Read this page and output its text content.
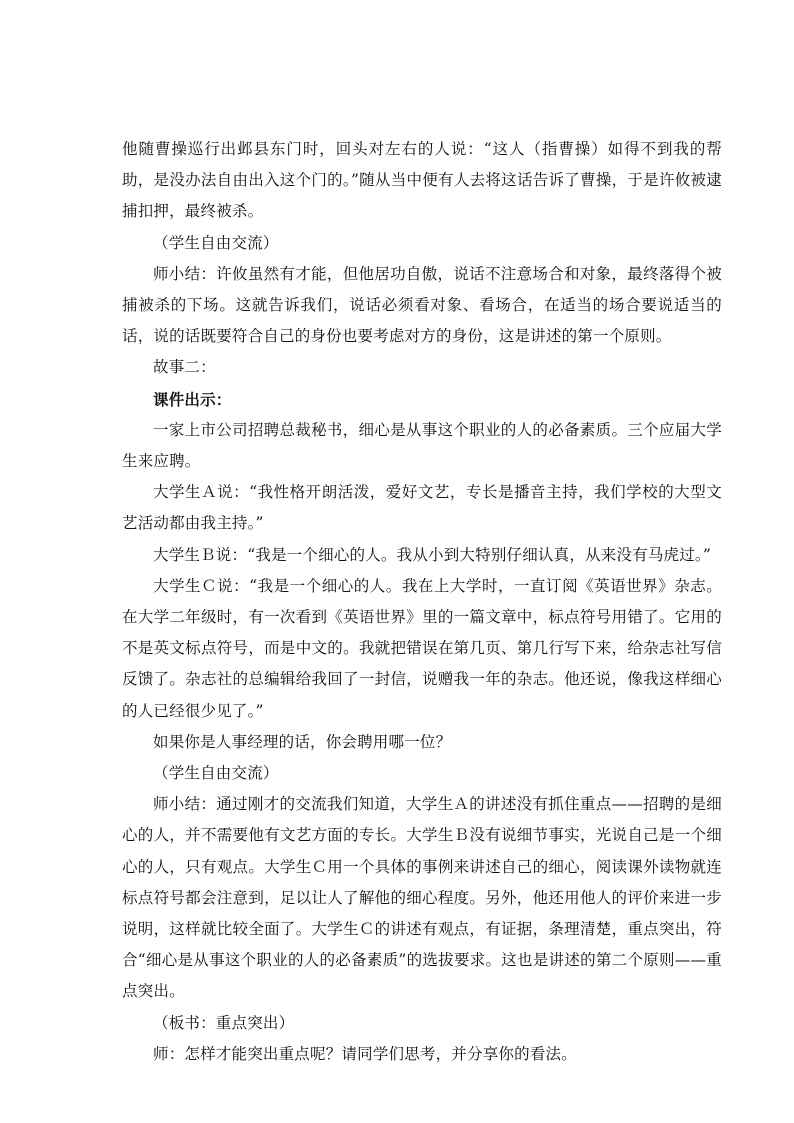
他随曹操巡行出邺县东门时，回头对左右的人说：“这人（指曹操）如得不到我的帮助，是没办法自由出入这个门的。”随从当中便有人去将这话告诉了曹操，于是许攸被逮捕扣押，最终被杀。

（学生自由交流）

师小结：许攸虽然有才能，但他居功自傲，说话不注意场合和对象，最终落得个被捕被杀的下场。这就告诉我们，说话必须看对象、看场合，在适当的场合要说适当的话，说的话既要符合自己的身份也要考虑对方的身份，这是讲述的第一个原则。

故事二：

课件出示：

一家上市公司招聘总裁秘书，细心是从事这个职业的人的必备素质。三个应届大学生来应聘。

大学生Ａ说：“我性格开朗活泼，爱好文艺，专长是播音主持，我们学校的大型文艺活动都由我主持。”

大学生Ｂ说：“我是一个细心的人。我从小到大特别仔细认真，从来没有马虎过。”

大学生Ｃ说：“我是一个细心的人。我在上大学时，一直订阅《英语世界》杂志。在大学二年级时，有一次看到《英语世界》里的一篇文章中，标点符号用错了。它用的不是英文标点符号，而是中文的。我就把错误在第几页、第几行写下来，给杂志社写信反馈了。杂志社的总编辑给我回了一封信，说赠我一年的杂志。他还说，像我这样细心的人已经很少见了。”

如果你是人事经理的话，你会聘用哪一位？

（学生自由交流）

师小结：通过刚才的交流我们知道，大学生Ａ的讲述没有抓住重点——招聘的是细心的人，并不需要他有文艺方面的专长。大学生Ｂ没有说细节事实，光说自己是一个细心的人，只有观点。大学生Ｃ用一个具体的事例来讲述自己的细心，阅读课外读物就连标点符号都会注意到，足以让人了解他的细心程度。另外，他还用他人的评价来进一步说明，这样就比较全面了。大学生Ｃ的讲述有观点，有证据，条理清楚，重点突出，符合“细心是从事这个职业的人的必备素质”的选拔要求。这也是讲述的第二个原则——重点突出。

（板书：重点突出）

师：怎样才能突出重点呢？请同学们思考，并分享你的看法。
